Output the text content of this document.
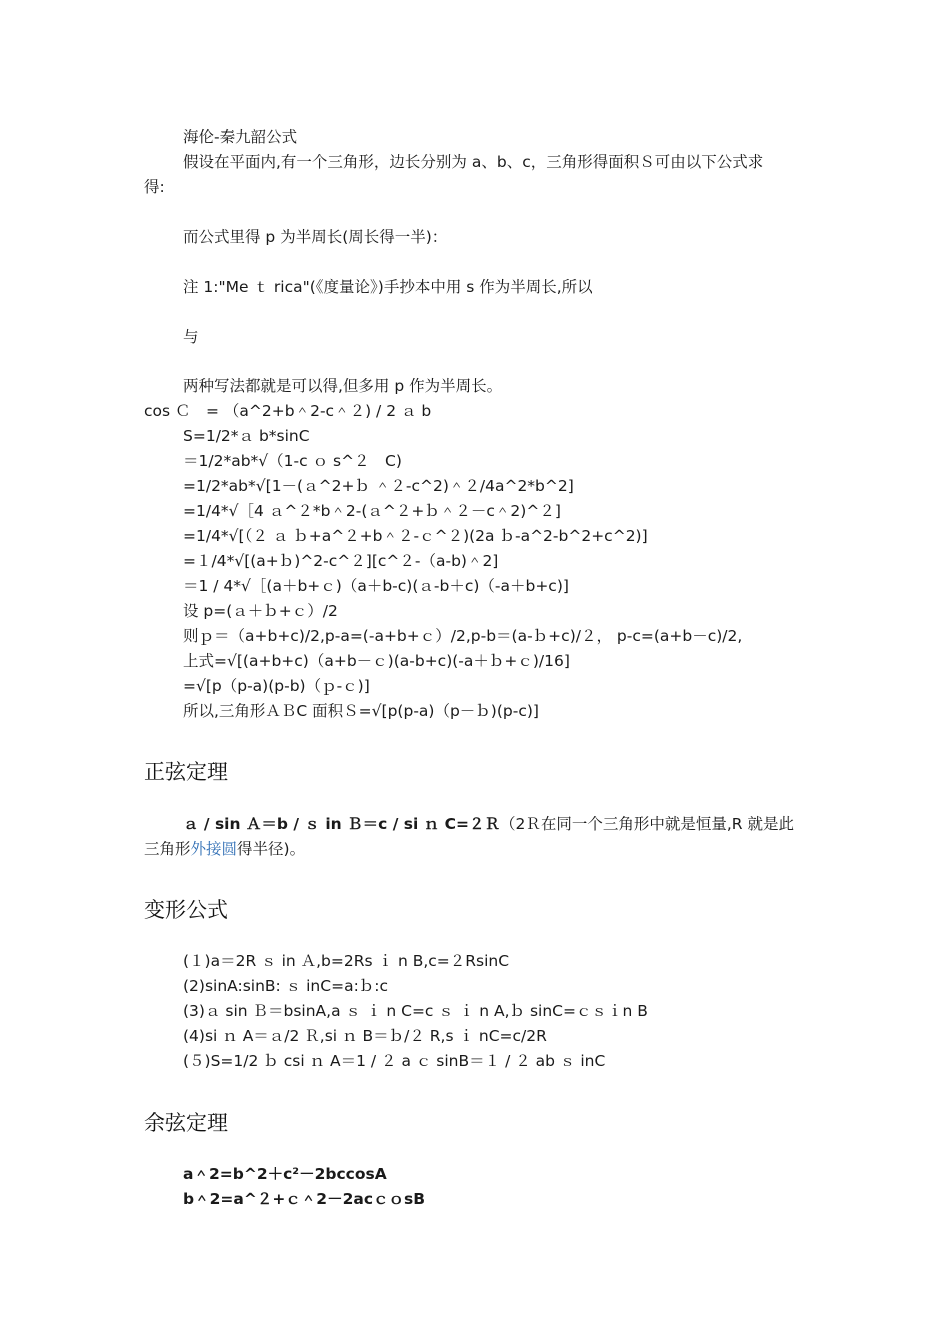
海伦-秦九韶公式
假设在平面内,有一个三角形，边长分别为 a、b、c，三角形得面积Ｓ可由以下公式求
得:
而公式里得 p 为半周长(周长得一半)：
注 1:"Me ｔ rica"(《度量论》)手抄本中用 s 作为半周长,所以
与
两种写法都就是可以得,但多用 p 作为半周长。
cos Ｃ　= （a^2+b＾2-c＾２) / 2 ａ b
S=1/2*ａ b*sinC
＝1/2*ab*√（1-c ｏ s^２　C)
=1/2*ab*√[1－(ａ^2+ｂ ＾２-c^2)＾２/4a^2*b^2]
=1/4*√［4 ａ^２*b＾2-(ａ^２+ｂ＾２－c＾2)^２]
=1/4*√[（２ ａ ｂ+a^２+b＾２-ｃ^２)(2a ｂ-a^2-b^2+c^2)]
=１/4*√[(a+ｂ)^2-c^２][c^２-（a-b)＾2]
＝1 / 4*√［(a＋b+ｃ)（a＋b-c)(ａ-b＋c)（-a＋b+c)]
设 p=(ａ＋ｂ+ｃ）/2
则ｐ＝（a+b+c)/2,p-a=(-a+b+ｃ）/2,p-b＝(a-ｂ+c)/２， p-c=(a+b－c)/2,
上式=√[(a+b+c)（a+b－ｃ)(a-b+c)(-a＋ｂ+ｃ)/16]
=√[p（p-a)(p-b)（ｐ-ｃ)]
所以,三角形ＡＢC 面积Ｓ=√[p(p-a)（p－ｂ)(p-c)]
正弦定理
ａ / sin Ａ＝b / ｓ in Ｂ＝c / si ｎ C=２Ｒ（2Ｒ在同一个三角形中就是恒量,R 就是此
三角形外接圆得半径)。
变形公式
(１)a＝2R ｓ in Ａ,b=2Rs ｉ n B,c=２RsinC
(2)sinA:sinB: ｓ inC=a:ｂ:c
(3)ａ sin Ｂ＝bsinA,a ｓ ｉ n C=c ｓ ｉ n A,ｂ sinC=ｃｓｉn B
(4)si ｎ A＝ａ/2 Ｒ,si ｎ B＝ｂ/２ R,s ｉ nC=c/2R
(５)S=1/2 ｂ csi ｎ A＝1 / ２ a ｃ sinB＝１ / ２ ab ｓ inC
余弦定理
a＾2=b^2＋c²－2bccosA
b＾2=a^２+ｃ＾2－2acｃｏsB
